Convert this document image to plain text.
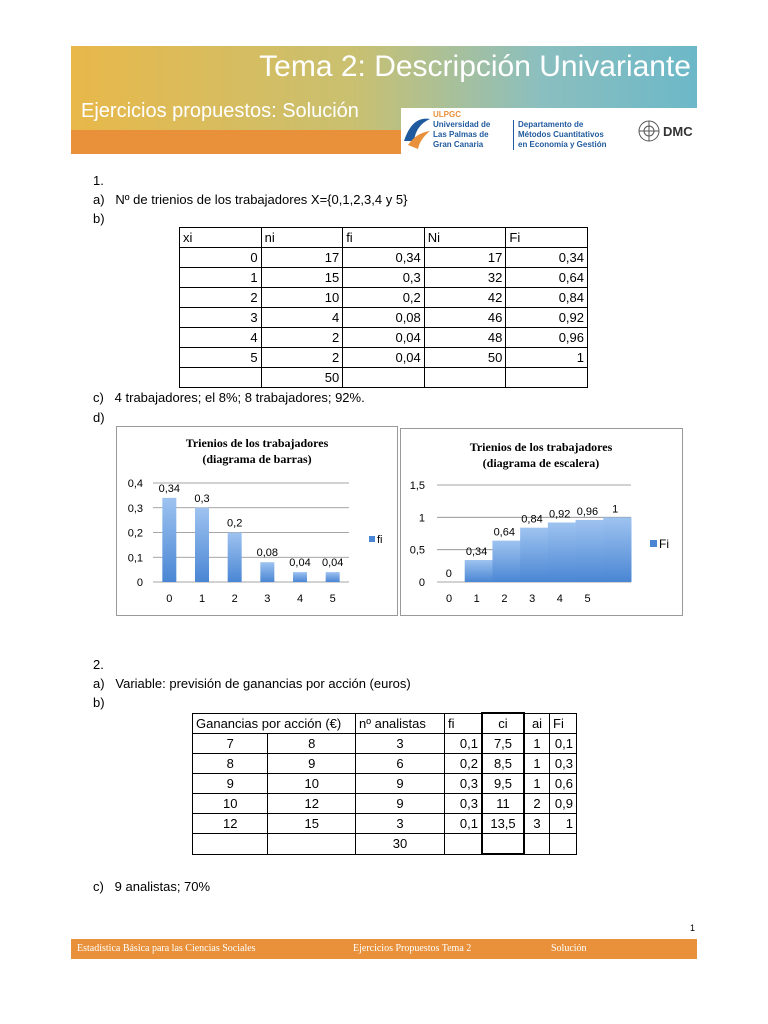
Tema 2: Descripción Univariante
Ejercicios propuestos: Solución	ULPGC
Universidad de
Las Palmas de
Gran Canaria
Departamento de
Métodos Cuantitativos
en Economía y Gestión
DMC
1.
a)   Nº de trienios de los trabajadores X={0,1,2,3,4 y 5}
b)
xi	ni	fi	Ni	Fi
0	17	0,34	17	0,34
1	15	0,3	32	0,64
2	10	0,2	42	0,84
3	4	0,08	46	0,92
4	2	0,04	48	0,96
5	2	0,04	50	1
	50			
c)   4 trabajadores; el 8%; 8 trabajadores; 92%.
d)
Trienios de los trabajadores
(diagrama de barras)
0
0,1
0,2
0,3
0,4 0,34
0
0,3
1
0,2
2
0,08
3
0,04
4
0,04
5
fi
Trienios de los trabajadores
(diagrama de escalera)
0
0,5
1
1,5
0
0,34
0,64
0,84 0,92 0,96 1
0 1 2 3 4 5
Fi
2.
a)   Variable: previsión de ganancias por acción (euros)
b)
Ganancias por acción (€)		nº analistas	fi	ci	ai	Fi
7	8	3	0,1	7,5	1	0,1
8	9	6	0,2	8,5	1	0,3
9	10	9	0,3	9,5	1	0,6
10	12	9	0,3	11	2	0,9
12	15	3	0,1	13,5	3	1
		30				
c)   9 analistas; 70%
1
Estadística Básica para las Ciencias Sociales	Ejercicios Propuestos Tema 2	Solución
